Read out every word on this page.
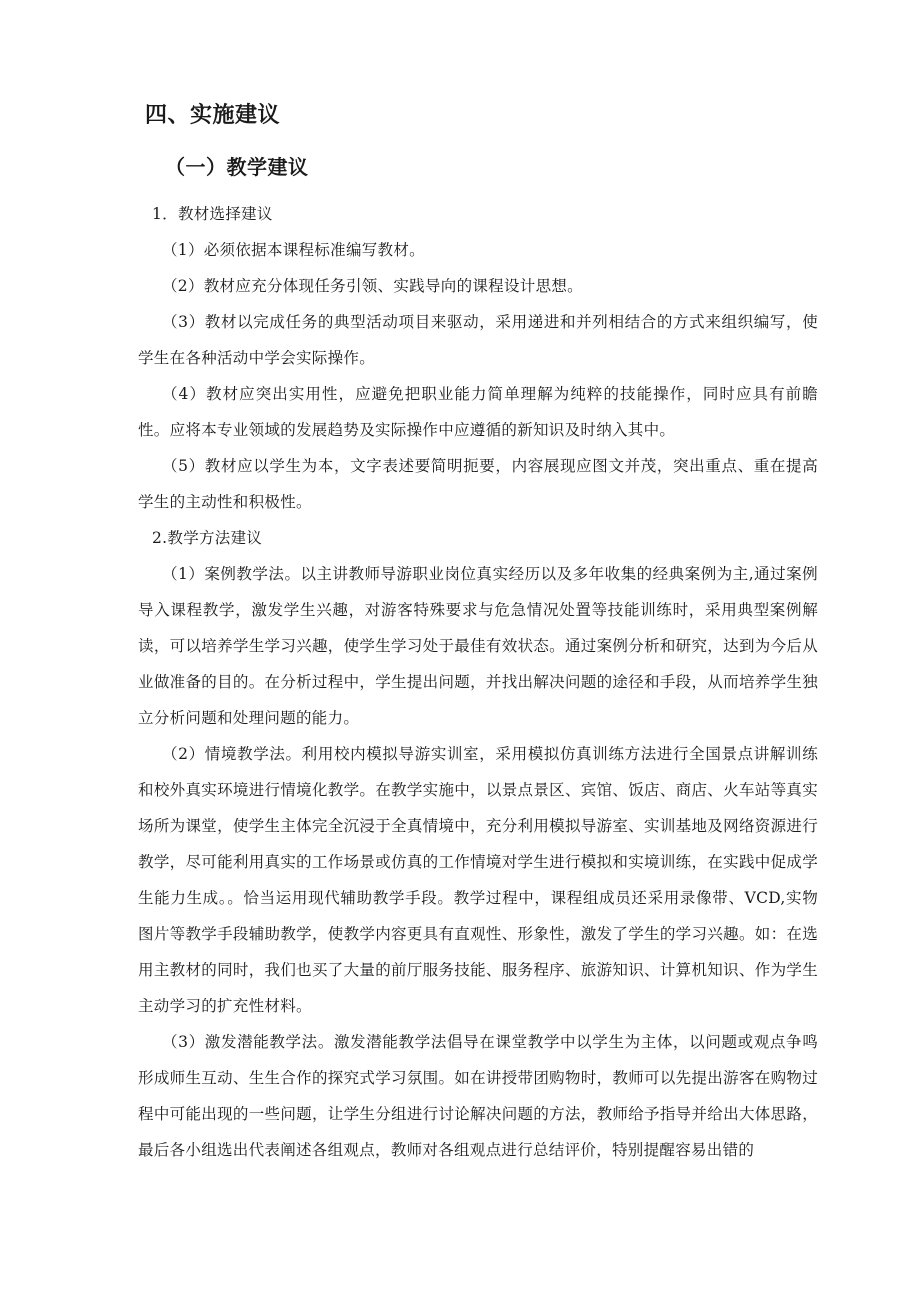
四、实施建议
（一）教学建议

1．教材选择建议

（1）必须依据本课程标准编写教材。

（2）教材应充分体现任务引领、实践导向的课程设计思想。

（3）教材以完成任务的典型活动项目来驱动，采用递进和并列相结合的方式来组织编写，使学生在各种活动中学会实际操作。

（4）教材应突出实用性，应避免把职业能力简单理解为纯粹的技能操作，同时应具有前瞻性。应将本专业领域的发展趋势及实际操作中应遵循的新知识及时纳入其中。

（5）教材应以学生为本，文字表述要简明扼要，内容展现应图文并茂，突出重点、重在提高学生的主动性和积极性。

2.教学方法建议

（1）案例教学法。以主讲教师导游职业岗位真实经历以及多年收集的经典案例为主,通过案例导入课程教学，激发学生兴趣，对游客特殊要求与危急情况处置等技能训练时，采用典型案例解读，可以培养学生学习兴趣，使学生学习处于最佳有效状态。通过案例分析和研究，达到为今后从业做准备的目的。在分析过程中，学生提出问题，并找出解决问题的途径和手段，从而培养学生独立分析问题和处理问题的能力。

（2）情境教学法。利用校内模拟导游实训室，采用模拟仿真训练方法进行全国景点讲解训练和校外真实环境进行情境化教学。在教学实施中，以景点景区、宾馆、饭店、商店、火车站等真实场所为课堂，使学生主体完全沉浸于全真情境中，充分利用模拟导游室、实训基地及网络资源进行教学，尽可能利用真实的工作场景或仿真的工作情境对学生进行模拟和实境训练，在实践中促成学生能力生成。。恰当运用现代辅助教学手段。教学过程中，课程组成员还采用录像带、VCD,实物图片等教学手段辅助教学，使教学内容更具有直观性、形象性，激发了学生的学习兴趣。如：在选用主教材的同时，我们也买了大量的前厅服务技能、服务程序、旅游知识、计算机知识、作为学生主动学习的扩充性材料。

（3）激发潜能教学法。激发潜能教学法倡导在课堂教学中以学生为主体，以问题或观点争鸣形成师生互动、生生合作的探究式学习氛围。如在讲授带团购物时，教师可以先提出游客在购物过程中可能出现的一些问题，让学生分组进行讨论解决问题的方法，教师给予指导并给出大体思路，最后各小组选出代表阐述各组观点，教师对各组观点进行总结评价，特别提醒容易出错的
